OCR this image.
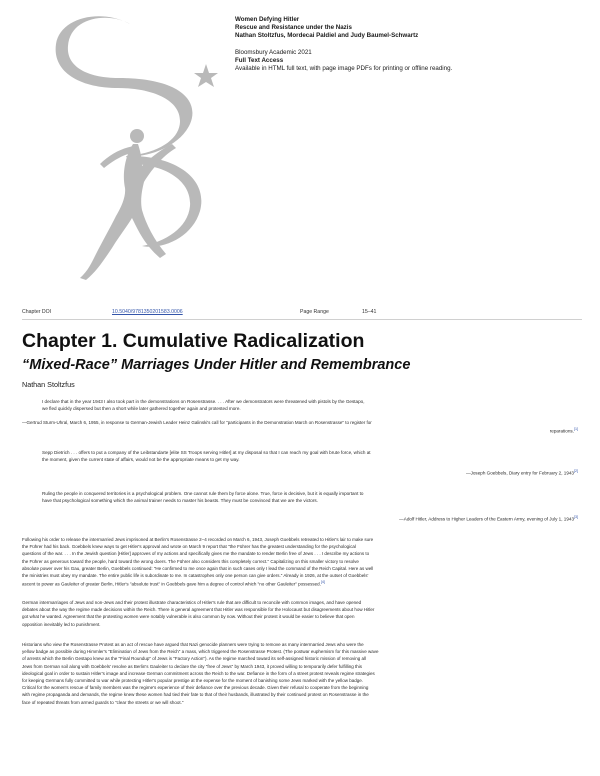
Women Defying Hitler
Rescue and Resistance under the Nazis
Nathan Stoltzfus, Mordecai Paldiel and Judy Baumel-Schwartz
Bloomsbury Academic 2021
Full Text Access
Available in HTML full text, with page image PDFs for printing or offline reading.
Chapter DOI	10.5040/9781350201583.0006	Page Range	15–41
Chapter 1. Cumulative Radicalization
“Mixed-Race” Marriages Under Hitler and Remembrance
Nathan Stoltzfus
I declare that in the year 1943 I also took part in the demonstrations on Rosenstrasse. . . . After we demonstrators were threatened with pistols by the Gestapo,
we fled quickly dispersed but then a short while later gathered together again and protested more.
—Gertrud Sturm-Uhral, March 6, 1955, in response to German-Jewish Leader Heinz Galinski's call for "participants in the Demonstration March on Rosenstrasse" to register for
reparations.[1]
Sepp Dietrich . . . offers to put a company of the Leibstandarte [elite SS Troops serving Hitler] at my disposal so that I can reach my goal with brute force, which at
the moment, given the current state of affairs, would not be the appropriate means to get my way.
—Joseph Goebbels, Diary entry for February 2, 1943[2]
Ruling the people in conquered territories is a psychological problem. One cannot rule them by force alone. True, force is decisive, but it is equally important to
have that psychological something which the animal trainer needs to master his beasts. They must be convinced that we are the victors.
—Adolf Hitler, Address to Higher Leaders of the Eastern Army, evening of July 1, 1943[3]
Following his order to release the intermarried Jews imprisoned at Berlin's Rosenstrasse 2–4 recorded on March 6, 1943, Joseph Goebbels retreated to Hitler's lair to make sure
the Führer had his back. Goebbels knew ways to get Hitler's approval and wrote on March 9 report that "the Führer has the greatest understanding for the psychological
questions of the war. . . . In the Jewish question [Hitler] approves of my actions and specifically gives me the mandate to render Berlin free of Jews . . . I describe my actions to
the Führer as generous toward the people, hard toward the wrong doers. The Führer also considers this completely correct." Capitalizing on this smaller victory to resolve
absolute power over his Gau, greater Berlin, Goebbels continued: "He confirmed to me once again that in such cases only I lead the command of the Reich Capital. Here as well
the ministries must obey my mandate. The entire public life is subordinate to me. In catastrophes only one person can give orders." Already in 1926, at the outset of Goebbels'
ascent to power as Gauleiter of greater Berlin, Hitler's "absolute trust" in Goebbels gave him a degree of control which "no other Gauleiter" possessed.[4]
German intermarriages of Jews and non-Jews and their protest illustrate characteristics of Hitler's rule that are difficult to reconcile with common images, and have opened
debates about the way the regime made decisions within the Reich. There is general agreement that Hitler was responsible for the Holocaust but disagreements about how Hitler
got what he wanted. Agreement that the protesting women were notably vulnerable is also common by now. Without their protest it would be easier to believe that open
opposition inevitably led to punishment.
Historians who view the Rosenstrasse Protest as an act of rescue have argued that Nazi genocide planners were trying to remove as many intermarried Jews who were the
yellow badge as possible during Himmler's "Elimination of Jews from the Reich" a mass, which triggered the Rosenstrasse Protest. (The postwar euphemism for this massive wave
of arrests which the Berlin Gestapo knew as the "Final Roundup" of Jews is "Factory Action"). As the regime marched toward its self-assigned historic mission of removing all
Jews from German soil along with Goebbels' resolve as Berlin's Gauleiter to declare the city "free of Jews" by March 1943, it proved willing to temporarily defer fulfilling this
ideological goal in order to sustain Hitler's image and increase German commitment across the Reich to the war. Defiance in the form of a street protest reveals regime strategies
for keeping Germans fully committed to war while protecting Hitler's popular prestige at the expense for the moment of banishing some Jews marked with the yellow badge.
Critical for the women's rescue of family members was the regime's experience of their defiance over the previous decade. Given their refusal to cooperate from the beginning
with regime propaganda and demands, the regime knew these women had tied their fate to that of their husbands, illustrated by their continued protest on Rosenstrasse in the
face of repeated threats from armed guards to "clear the streets or we will shoot."
